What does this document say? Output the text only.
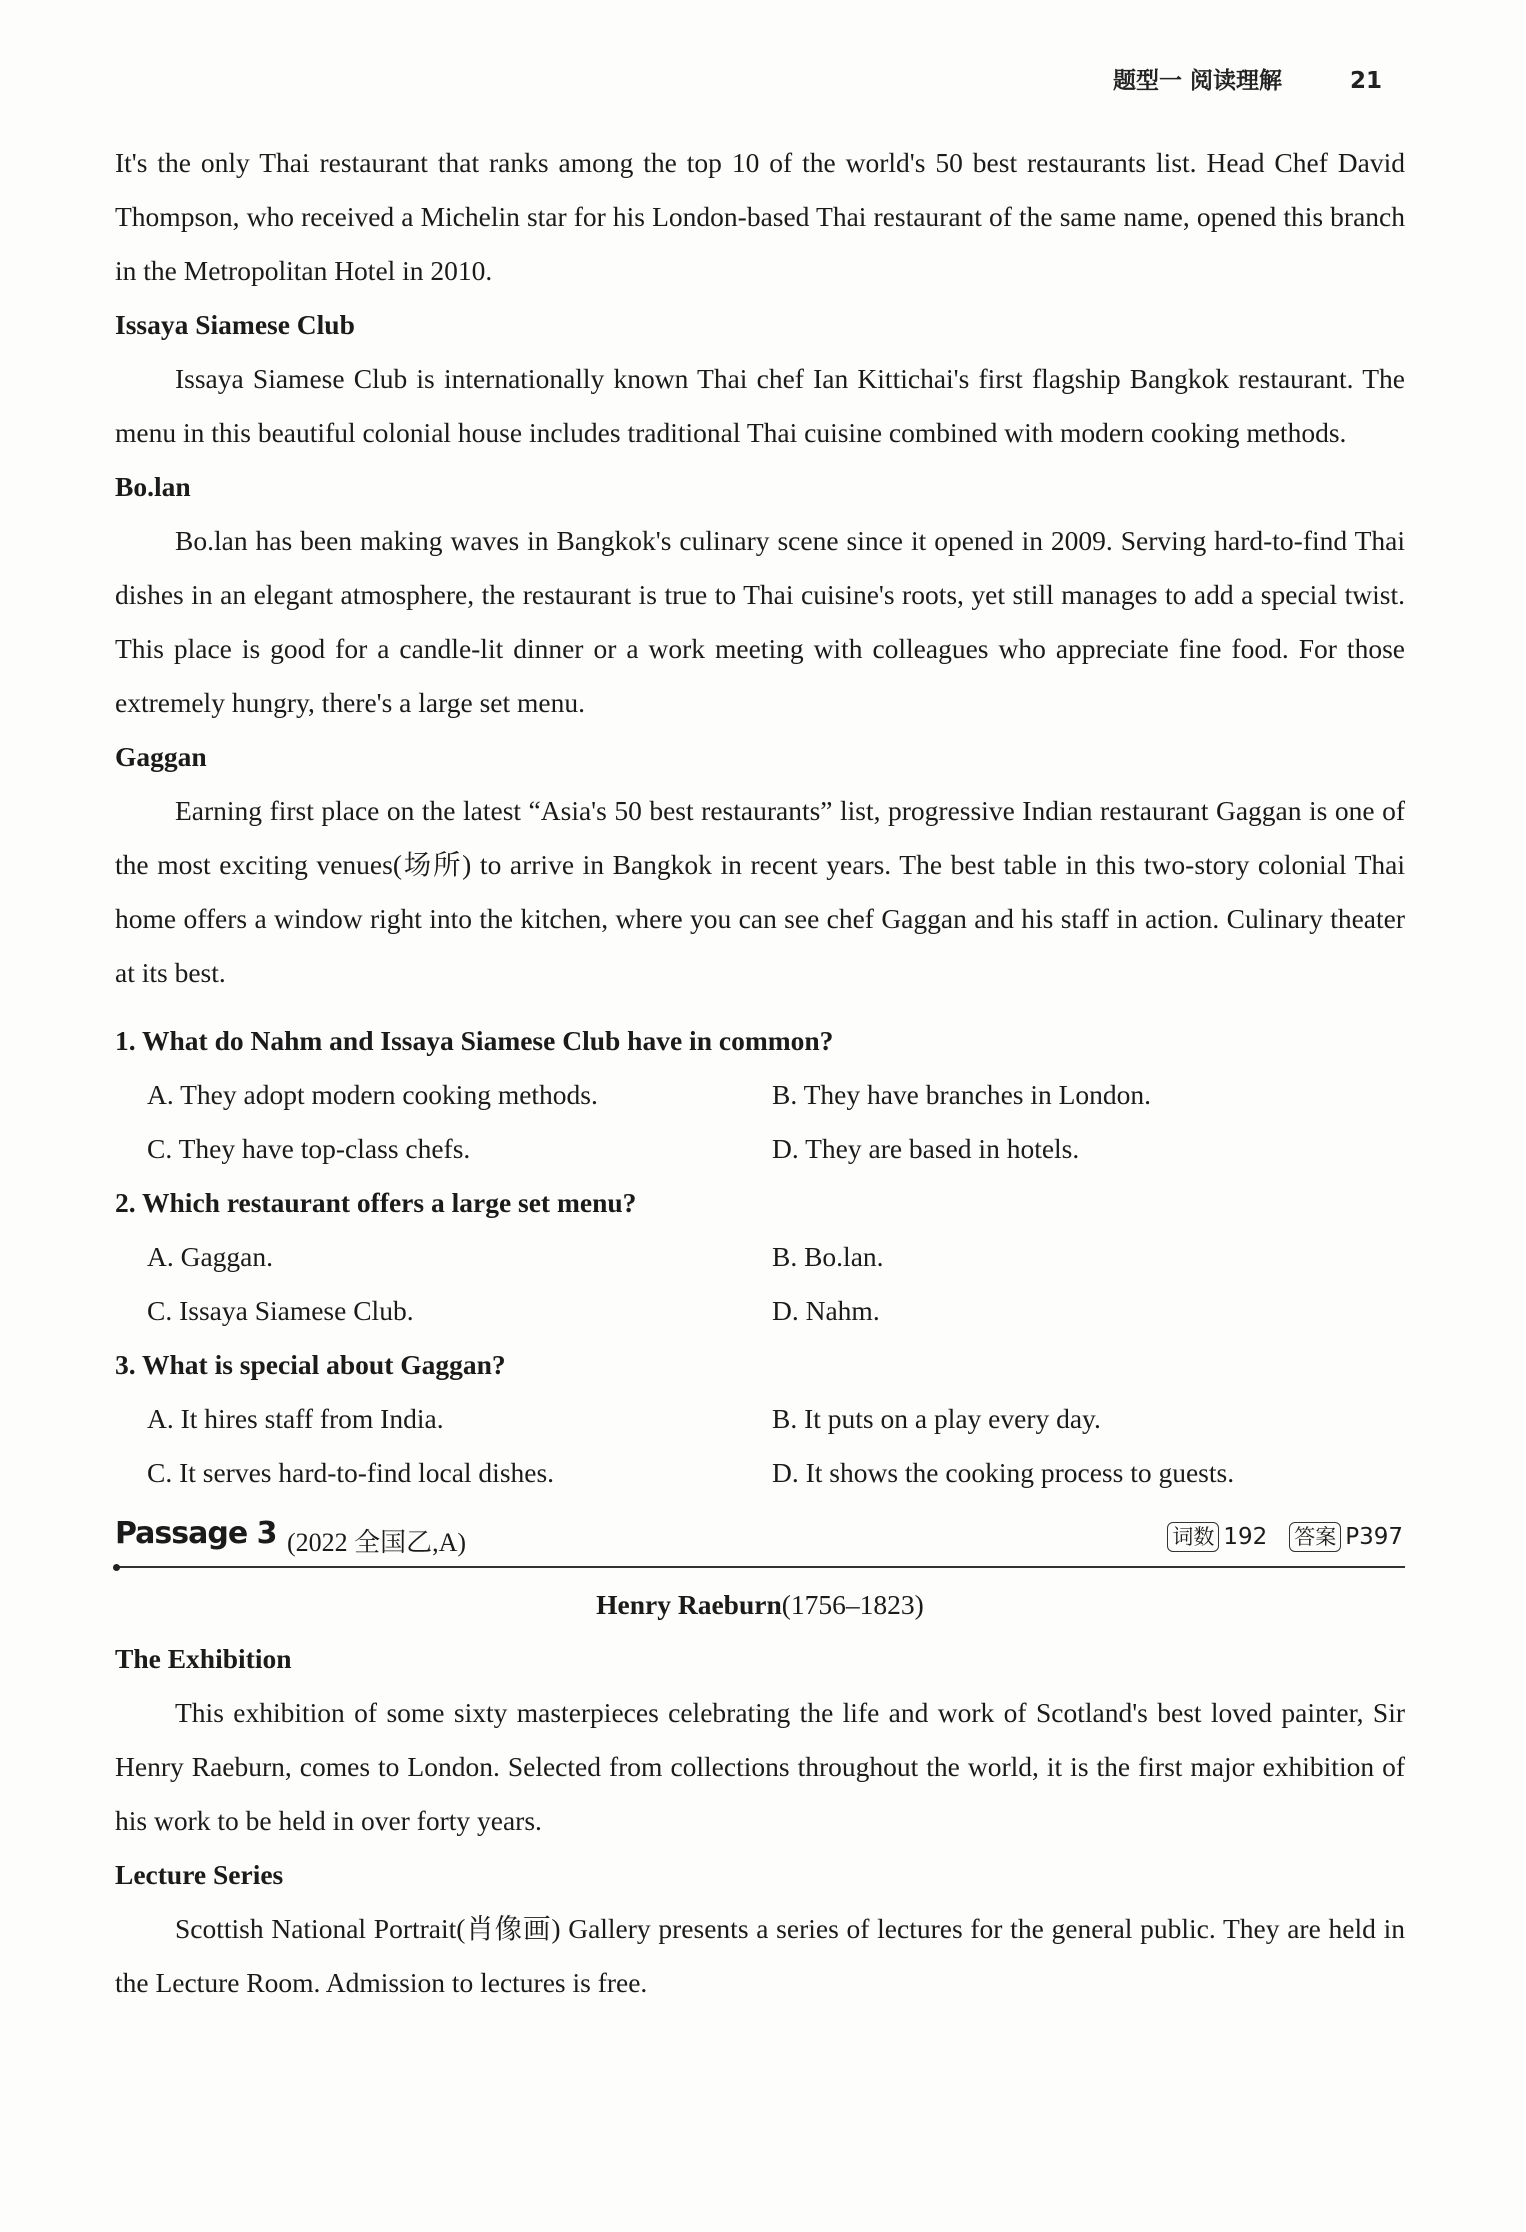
题型一 阅读理解	21

It's the only Thai restaurant that ranks among the top 10 of the world's 50 best restaurants list. Head Chef David Thompson, who received a Michelin star for his London-based Thai restaurant of the same name, opened this branch in the Metropolitan Hotel in 2010.

Issaya Siamese Club

Issaya Siamese Club is internationally known Thai chef Ian Kittichai's first flagship Bangkok restaurant. The menu in this beautiful colonial house includes traditional Thai cuisine combined with modern cooking methods.

Bo.lan

Bo.lan has been making waves in Bangkok's culinary scene since it opened in 2009. Serving hard-to-find Thai dishes in an elegant atmosphere, the restaurant is true to Thai cuisine's roots, yet still manages to add a special twist. This place is good for a candle-lit dinner or a work meeting with colleagues who appreciate fine food. For those extremely hungry, there's a large set menu.

Gaggan

Earning first place on the latest “Asia's 50 best restaurants” list, progressive Indian restaurant Gaggan is one of the most exciting venues(场所) to arrive in Bangkok in recent years. The best table in this two-story colonial Thai home offers a window right into the kitchen, where you can see chef Gaggan and his staff in action. Culinary theater at its best.

1. What do Nahm and Issaya Siamese Club have in common?
A. They adopt modern cooking methods.	B. They have branches in London.
C. They have top-class chefs.	D. They are based in hotels.
2. Which restaurant offers a large set menu?
A. Gaggan.	B. Bo.lan.
C. Issaya Siamese Club.	D. Nahm.
3. What is special about Gaggan?
A. It hires staff from India.	B. It puts on a play every day.
C. It serves hard-to-find local dishes.	D. It shows the cooking process to guests.
Passage 3 (2022 全国乙,A)	词数 192 答案 P397
Henry Raeburn(1756–1823)
The Exhibition

This exhibition of some sixty masterpieces celebrating the life and work of Scotland's best loved painter, Sir Henry Raeburn, comes to London. Selected from collections throughout the world, it is the first major exhibition of his work to be held in over forty years.

Lecture Series

Scottish National Portrait(肖像画) Gallery presents a series of lectures for the general public. They are held in the Lecture Room. Admission to lectures is free.
